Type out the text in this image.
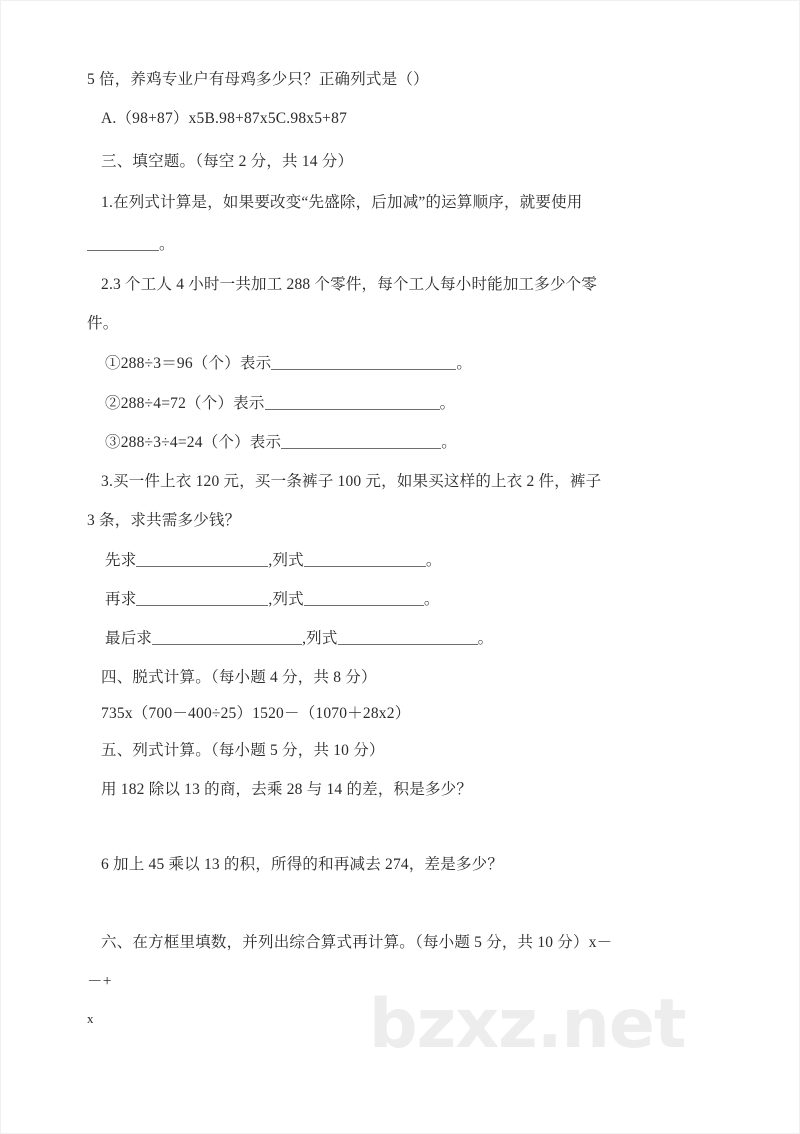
bzxz.net
5 倍，养鸡专业户有母鸡多少只？正确列式是（）
A.（98+87）x5B.98+87x5C.98x5+87
三、填空题。（每空 2 分，共 14 分）
1.在列式计算是，如果要改变“先盛除，后加减”的运算顺序，就要使用
。
2.3 个工人 4 小时一共加工 288 个零件，每个工人每小时能加工多少个零
件。
①288÷3＝96（个）表示	。
②288÷4=72（个）表示	。
③288÷3÷4=24（个）表示	。
3.买一件上衣 120 元，买一条裤子 100 元，如果买这样的上衣 2 件，裤子
3 条，求共需多少钱？
先求	,列式	。
再求	,列式	。
最后求	,列式	。
四、脱式计算。（每小题 4 分，共 8 分）
735x（700－400÷25）1520－（1070＋28x2）
五、列式计算。（每小题 5 分，共 10 分）
用 182 除以 13 的商，去乘 28 与 14 的差，积是多少？
6 加上 45 乘以 13 的积，所得的和再减去 274，差是多少？
六、在方框里填数，并列出综合算式再计算。（每小题 5 分，共 10 分）x－
－+
x
